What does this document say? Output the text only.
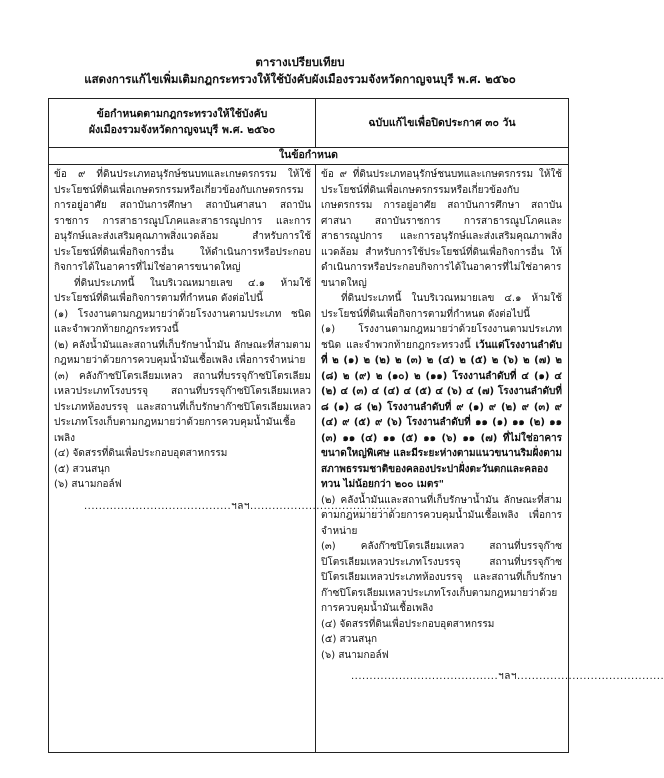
ตารางเปรียบเทียบ
แสดงการแก้ไขเพิ่มเติมกฎกระทรวงให้ใช้บังคับผังเมืองรวมจังหวัดกาญจนบุรี พ.ศ. ๒๕๖๐
ข้อกำหนดตามกฎกระทรวงให้ใช้บังคับ
ผังเมืองรวมจังหวัดกาญจนบุรี พ.ศ. ๒๕๖๐
ฉบับแก้ไขเพื่อปิดประกาศ ๓๐ วัน
ในข้อกำหนด

ข้อ ๙ ที่ดินประเภทอนุรักษ์ชนบทและเกษตรกรรม ให้ใช้ประโยชน์ที่ดินเพื่อเกษตรกรรมหรือเกี่ยวข้องกับเกษตรกรรม การอยู่อาศัย สถาบันการศึกษา สถาบันศาสนา สถาบันราชการ การสาธารณูปโภคและสาธารณูปการ และการอนุรักษ์และส่งเสริมคุณภาพสิ่งแวดล้อม สำหรับการใช้ประโยชน์ที่ดินเพื่อกิจการอื่น ให้ดำเนินการหรือประกอบกิจการได้ในอาคารที่ไม่ใช่อาคารขนาดใหญ่

ที่ดินประเภทนี้ ในบริเวณหมายเลข ๔.๑ ห้ามใช้ประโยชน์ที่ดินเพื่อกิจการตามที่กำหนด ดังต่อไปนี้

(๑) โรงงานตามกฎหมายว่าด้วยโรงงานตามประเภท ชนิด และจำพวกท้ายกฎกระทรวงนี้

(๒) คลังน้ำมันและสถานที่เก็บรักษาน้ำมัน ลักษณะที่สามตามกฎหมายว่าด้วยการควบคุมน้ำมันเชื้อเพลิง เพื่อการจำหน่าย

(๓) คลังก๊าซปิโตรเลียมเหลว สถานที่บรรจุก๊าซปิโตรเลียมเหลวประเภทโรงบรรจุ สถานที่บรรจุก๊าซปิโตรเลียมเหลวประเภทห้องบรรจุ และสถานที่เก็บรักษาก๊าซปิโตรเลียมเหลวประเภทโรงเก็บตามกฎหมายว่าด้วยการควบคุมน้ำมันเชื้อเพลิง

(๔) จัดสรรที่ดินเพื่อประกอบอุตสาหกรรม

(๕) สวนสนุก

(๖) สนามกอล์ฟ

........................................ฯลฯ........................................

ข้อ ๙ ที่ดินประเภทอนุรักษ์ชนบทและเกษตรกรรม ให้ใช้ประโยชน์ที่ดินเพื่อเกษตรกรรมหรือเกี่ยวข้องกับเกษตรกรรม การอยู่อาศัย สถาบันการศึกษา สถาบันศาสนา สถาบันราชการ การสาธารณูปโภคและสาธารณูปการ และการอนุรักษ์และส่งเสริมคุณภาพสิ่งแวดล้อม สำหรับการใช้ประโยชน์ที่ดินเพื่อกิจการอื่น ให้ดำเนินการหรือประกอบกิจการได้ในอาคารที่ไม่ใช่อาคารขนาดใหญ่

ที่ดินประเภทนี้ ในบริเวณหมายเลข ๔.๑ ห้ามใช้ประโยชน์ที่ดินเพื่อกิจการตามที่กำหนด ดังต่อไปนี้

(๑) โรงงานตามกฎหมายว่าด้วยโรงงานตามประเภท ชนิด และจำพวกท้ายกฎกระทรวงนี้ เว้นแต่โรงงานลำดับที่ ๒ (๑) ๒ (๒) ๒ (๓) ๒ (๔) ๒ (๕) ๒ (๖) ๒ (๗) ๒ (๘) ๒ (๙) ๒ (๑๐) ๒ (๑๑) โรงงานลำดับที่ ๔ (๑) ๔ (๒) ๔ (๓) ๔ (๔) ๔ (๕) ๔ (๖) ๔ (๗) โรงงานลำดับที่ ๘ (๑) ๘ (๒) โรงงานลำดับที่ ๙ (๑) ๙ (๒) ๙ (๓) ๙ (๔) ๙ (๕) ๙ (๖) โรงงานลำดับที่ ๑๑ (๑) ๑๑ (๒) ๑๑ (๓) ๑๑ (๔) ๑๑ (๕) ๑๑ (๖) ๑๑ (๗) ที่ไม่ใช่อาคารขนาดใหญ่พิเศษ และมีระยะห่างตามแนวขนานริมฝั่งตามสภาพธรรมชาติของคลองประปาฝั่งตะวันตกและคลองทวน ไม่น้อยกว่า ๒๐๐ เมตร"

(๒) คลังน้ำมันและสถานที่เก็บรักษาน้ำมัน ลักษณะที่สามตามกฎหมายว่าด้วยการควบคุมน้ำมันเชื้อเพลิง เพื่อการจำหน่าย

(๓) คลังก๊าซปิโตรเลียมเหลว สถานที่บรรจุก๊าซปิโตรเลียมเหลวประเภทโรงบรรจุ สถานที่บรรจุก๊าซปิโตรเลียมเหลวประเภทห้องบรรจุ และสถานที่เก็บรักษาก๊าซปิโตรเลียมเหลวประเภทโรงเก็บตามกฎหมายว่าด้วยการควบคุมน้ำมันเชื้อเพลิง

(๔) จัดสรรที่ดินเพื่อประกอบอุตสาหกรรม

(๕) สวนสนุก

(๖) สนามกอล์ฟ

........................................ฯลฯ........................................
